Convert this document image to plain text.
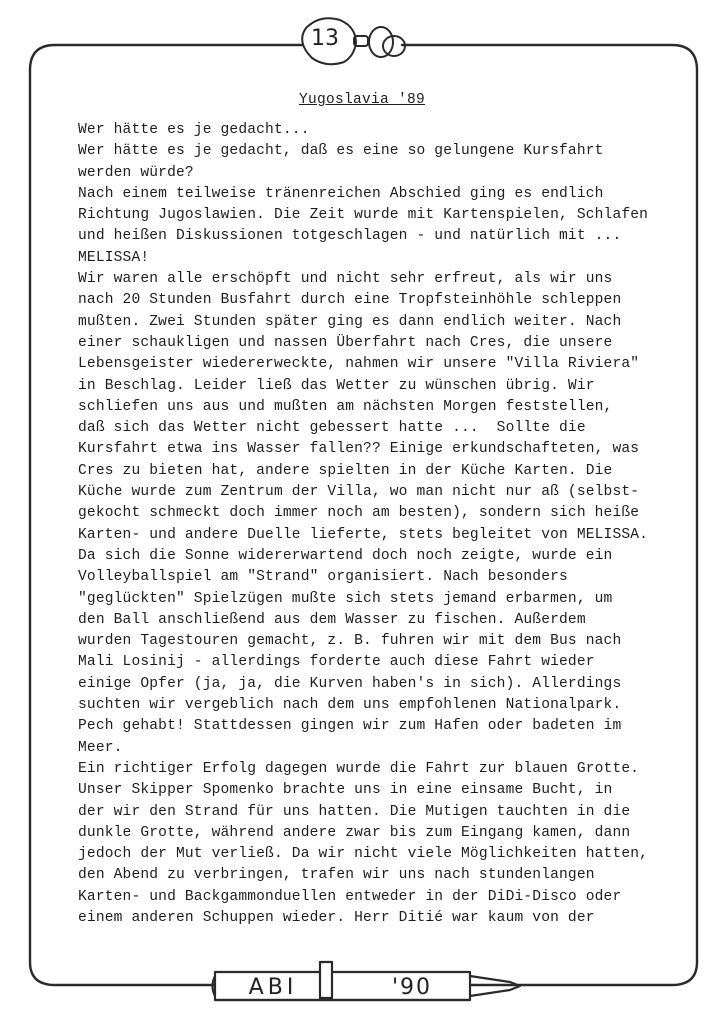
13
Yugoslavia '89
Wer hätte es je gedacht...
Wer hätte es je gedacht, daß es eine so gelungene Kursfahrt
werden würde?
Nach einem teilweise tränenreichen Abschied ging es endlich
Richtung Jugoslawien. Die Zeit wurde mit Kartenspielen, Schlafen
und heißen Diskussionen totgeschlagen - und natürlich mit ...
MELISSA!
Wir waren alle erschöpft und nicht sehr erfreut, als wir uns
nach 20 Stunden Busfahrt durch eine Tropfsteinhöhle schleppen
mußten. Zwei Stunden später ging es dann endlich weiter. Nach
einer schaukligen und nassen Überfahrt nach Cres, die unsere
Lebensgeister wiedererweckte, nahmen wir unsere "Villa Riviera"
in Beschlag. Leider ließ das Wetter zu wünschen übrig. Wir
schliefen uns aus und mußten am nächsten Morgen feststellen,
daß sich das Wetter nicht gebessert hatte ...  Sollte die
Kursfahrt etwa ins Wasser fallen?? Einige erkundschafteten, was
Cres zu bieten hat, andere spielten in der Küche Karten. Die
Küche wurde zum Zentrum der Villa, wo man nicht nur aß (selbst-
gekocht schmeckt doch immer noch am besten), sondern sich heiße
Karten- und andere Duelle lieferte, stets begleitet von MELISSA.
Da sich die Sonne widererwartend doch noch zeigte, wurde ein
Volleyballspiel am "Strand" organisiert. Nach besonders
"geglückten" Spielzügen mußte sich stets jemand erbarmen, um
den Ball anschließend aus dem Wasser zu fischen. Außerdem
wurden Tagestouren gemacht, z. B. fuhren wir mit dem Bus nach
Mali Losinij - allerdings forderte auch diese Fahrt wieder
einige Opfer (ja, ja, die Kurven haben's in sich). Allerdings
suchten wir vergeblich nach dem uns empfohlenen Nationalpark.
Pech gehabt! Stattdessen gingen wir zum Hafen oder badeten im
Meer.
Ein richtiger Erfolg dagegen wurde die Fahrt zur blauen Grotte.
Unser Skipper Spomenko brachte uns in eine einsame Bucht, in
der wir den Strand für uns hatten. Die Mutigen tauchten in die
dunkle Grotte, während andere zwar bis zum Eingang kamen, dann
jedoch der Mut verließ. Da wir nicht viele Möglichkeiten hatten,
den Abend zu verbringen, trafen wir uns nach stundenlangen
Karten- und Backgammonduellen entweder in der DiDi-Disco oder
einem anderen Schuppen wieder. Herr Ditié war kaum von der
ABI	'90
